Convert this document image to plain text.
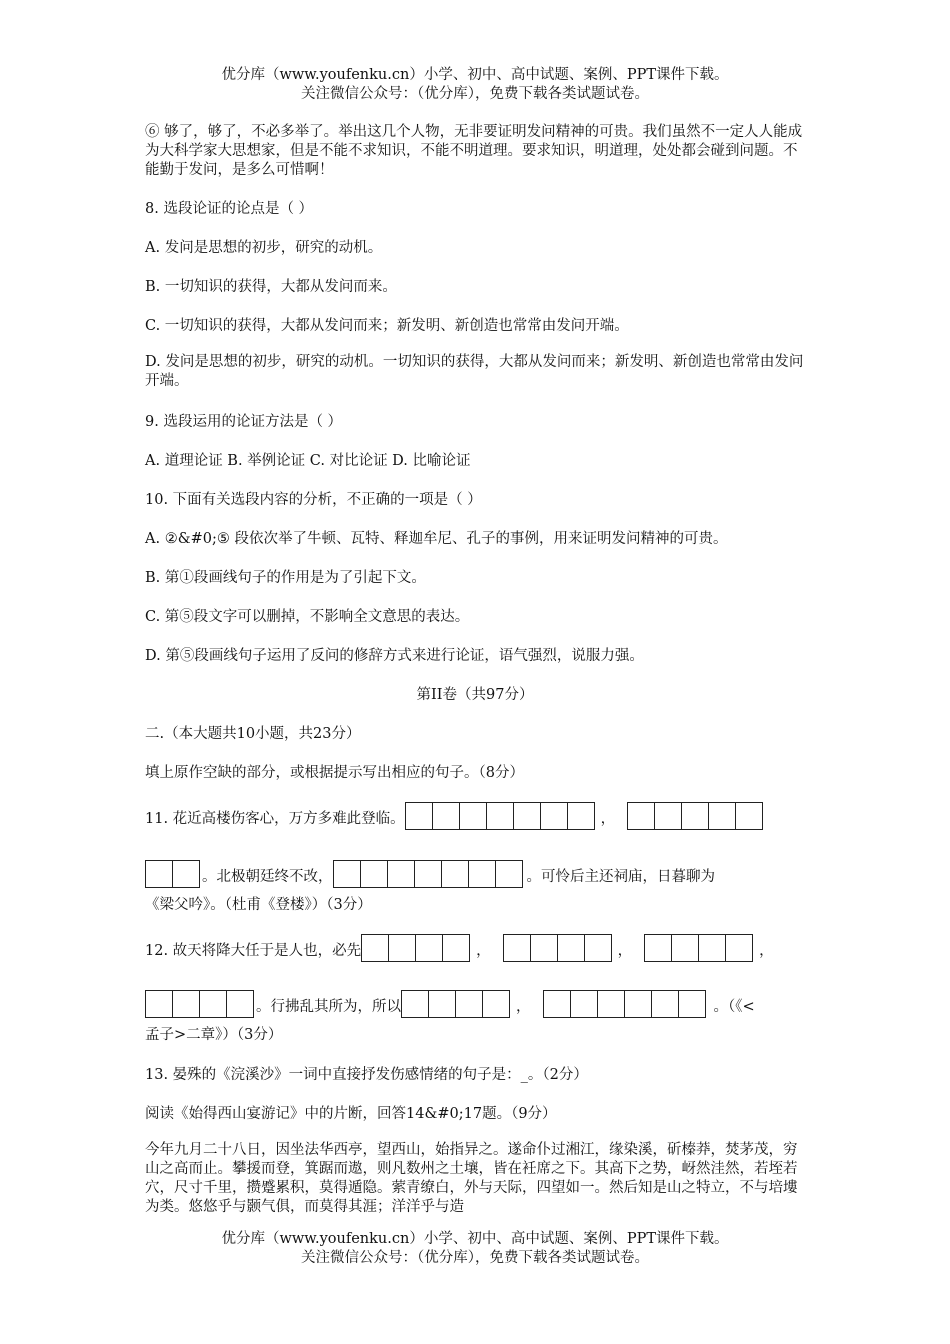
优分库（www.youfenku.cn）小学、初中、高中试题、案例、PPT课件下载。
关注微信公众号：（优分库），免费下载各类试题试卷。
⑥ 够了，够了，不必多举了。举出这几个人物，无非要证明发问精神的可贵。我们虽然不一定人人能成为大科学家大思想家，但是不能不求知识，不能不明道理。要求知识，明道理，处处都会碰到问题。不能勤于发问，是多么可惜啊！
8. 选段论证的论点是（ ）
A. 发问是思想的初步，研究的动机。
B. 一切知识的获得，大都从发问而来。
C. 一切知识的获得，大都从发问而来；新发明、新创造也常常由发问开端。
D. 发问是思想的初步，研究的动机。一切知识的获得，大都从发问而来；新发明、新创造也常常由发问开端。
9. 选段运用的论证方法是（ ）
A. 道理论证 B. 举例论证 C. 对比论证 D. 比喻论证
10. 下面有关选段内容的分析，不正确的一项是（ ）
A. ②&#0;⑤ 段依次举了牛顿、瓦特、释迦牟尼、孔子的事例，用来证明发问精神的可贵。
B. 第①段画线句子的作用是为了引起下文。
C. 第⑤段文字可以删掉，不影响全文意思的表达。
D. 第⑤段画线句子运用了反问的修辞方式来进行论证，语气强烈，说服力强。
第II卷（共97分）
二.（本大题共10小题，共23分）
填上原作空缺的部分，或根据提示写出相应的句子。（8分）
11. 花近高楼伤客心，万方多难此登临。	，
。北极朝廷终不改，	。可怜后主还祠庙，日暮聊为
《梁父吟》。（杜甫《登楼》）（3分）
12. 故天将降大任于是人也，必先	，	，	，
。行拂乱其所为，所以	，	。（《<
孟子>二章》）（3分）
13. 晏殊的《浣溪沙》一词中直接抒发伤感情绪的句子是：_。（2分）
阅读《始得西山宴游记》中的片断，回答14&#0;17题。（9分）
今年九月二十八日，因坐法华西亭，望西山，始指异之。遂命仆过湘江，缘染溪，斫榛莽，焚茅茂，穷山之高而止。攀援而登，箕踞而遨，则凡数州之土壤，皆在衽席之下。其高下之势，岈然洼然，若垤若穴，尺寸千里，攒蹙累积，莫得遁隐。萦青缭白，外与天际，四望如一。然后知是山之特立，不与培塿为类。悠悠乎与颢气俱，而莫得其涯；洋洋乎与造
优分库（www.youfenku.cn）小学、初中、高中试题、案例、PPT课件下载。
关注微信公众号：（优分库），免费下载各类试题试卷。
